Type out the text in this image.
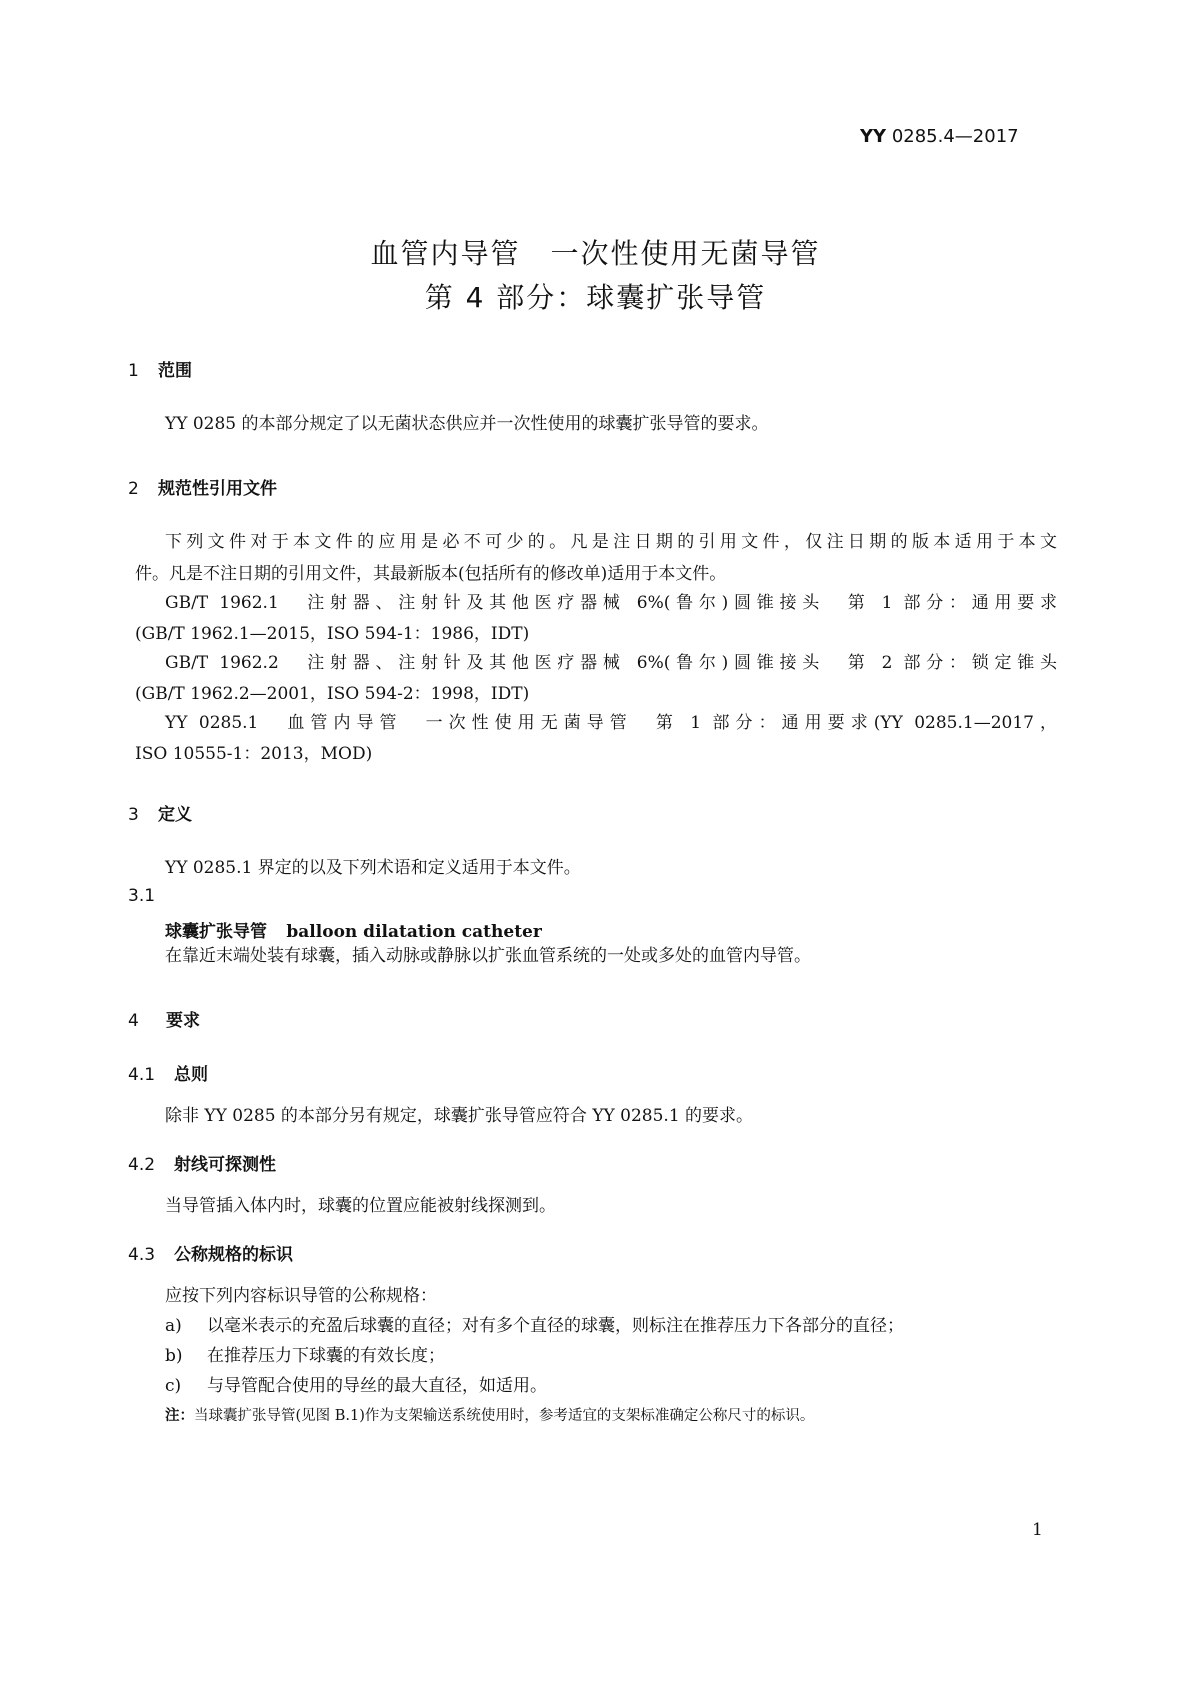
YY 0285.4—2017
血管内导管　一次性使用无菌导管
第 4 部分：球囊扩张导管
1 范围

YY 0285 的本部分规定了以无菌状态供应并一次性使用的球囊扩张导管的要求。

2 规范性引用文件

下列文件对于本文件的应用是必不可少的。凡是注日期的引用文件，仅注日期的版本适用于本文

件。凡是不注日期的引用文件，其最新版本(包括所有的修改单)适用于本文件。

GB/T 1962.1　注射器、注射针及其他医疗器械 6%(鲁尔)圆锥接头　第 1 部分：通用要求

(GB/T 1962.1—2015，ISO 594-1：1986，IDT)

GB/T 1962.2　注射器、注射针及其他医疗器械 6%(鲁尔)圆锥接头　第 2 部分：锁定锥头

(GB/T 1962.2—2001，ISO 594-2：1998，IDT)

YY 0285.1　血管内导管　一次性使用无菌导管　第 1 部分：通用要求(YY 0285.1—2017，

ISO 10555-1：2013，MOD)

3 定义

YY 0285.1 界定的以及下列术语和定义适用于本文件。

3.1
球囊扩张导管 balloon dilatation catheter

在靠近末端处装有球囊，插入动脉或静脉以扩张血管系统的一处或多处的血管内导管。

4 要求
4.1 总则

除非 YY 0285 的本部分另有规定，球囊扩张导管应符合 YY 0285.1 的要求。

4.2 射线可探测性

当导管插入体内时，球囊的位置应能被射线探测到。

4.3 公称规格的标识

应按下列内容标识导管的公称规格：

a) 以毫米表示的充盈后球囊的直径；对有多个直径的球囊，则标注在推荐压力下各部分的直径；

b) 在推荐压力下球囊的有效长度；

c) 与导管配合使用的导丝的最大直径，如适用。

注：当球囊扩张导管(见图 B.1)作为支架输送系统使用时，参考适宜的支架标准确定公称尺寸的标识。

1
